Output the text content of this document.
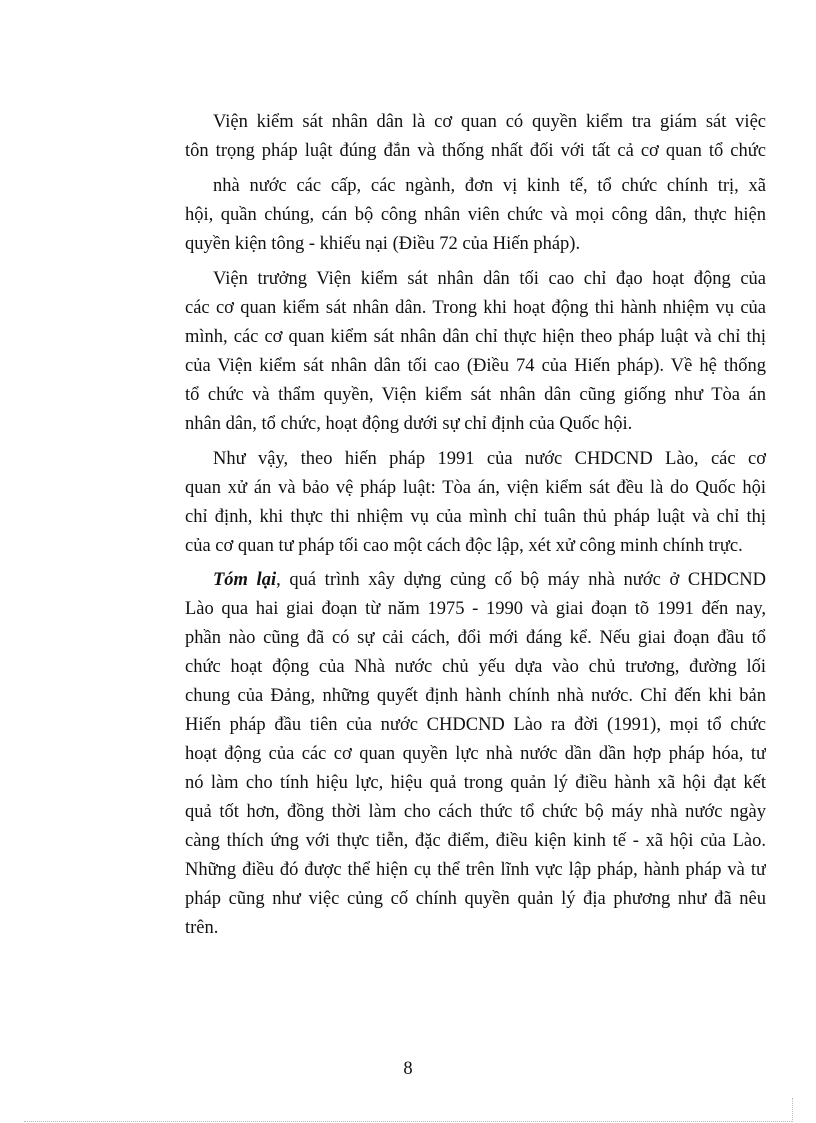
Viện kiểm sát nhân dân là cơ quan có quyền kiểm tra giám sát việc
tôn trọng pháp luật đúng đắn và thống nhất đối với tất cả cơ quan tổ chức
nhà nước các cấp, các ngành, đơn vị kinh tế, tổ chức chính trị, xã
hội, quần chúng, cán bộ công nhân viên chức và mọi công dân, thực hiện
quyền kiện tông - khiếu nại (Điều 72 của Hiến pháp).
Viện trưởng Viện kiểm sát nhân dân tối cao chỉ đạo hoạt động của
các cơ quan kiểm sát nhân dân. Trong khi hoạt động thi hành nhiệm vụ của
mình, các cơ quan kiểm sát nhân dân chỉ thực hiện theo pháp luật và chỉ thị
của Viện kiểm sát nhân dân tối cao (Điều 74 của Hiến pháp). Về hệ thống
tổ chức và thẩm quyền, Viện kiểm sát nhân dân cũng giống như Tòa án
nhân dân, tổ chức, hoạt động dưới sự chỉ định của Quốc hội.
Như vậy, theo hiến pháp 1991 của nước CHDCND Lào, các cơ
quan xử án và bảo vệ pháp luật: Tòa án, viện kiểm sát đều là do Quốc hội
chỉ định, khi thực thi nhiệm vụ của mình chỉ tuân thủ pháp luật và chỉ thị
của cơ quan tư pháp tối cao một cách độc lập, xét xử công minh chính trực.
Tóm lại, quá trình xây dựng củng cố bộ máy nhà nước ở CHDCND
Lào qua hai giai đoạn từ năm 1975 - 1990 và giai đoạn tõ 1991 đến nay,
phần nào cũng đã có sự cải cách, đổi mới đáng kể. Nếu giai đoạn đầu tổ
chức hoạt động của Nhà nước chủ yếu dựa vào chủ trương, đường lối
chung của Đảng, những quyết định hành chính nhà nước. Chỉ đến khi bản
Hiến pháp đầu tiên của nước CHDCND Lào ra đời (1991), mọi tổ chức
hoạt động của các cơ quan quyền lực nhà nước dần dần hợp pháp hóa, tư
nó làm cho tính hiệu lực, hiệu quả trong quản lý điều hành xã hội đạt kết
quả tốt hơn, đồng thời làm cho cách thức tổ chức bộ máy nhà nước ngày
càng thích ứng với thực tiễn, đặc điểm, điều kiện kinh tế - xã hội của Lào.
Những điều đó được thể hiện cụ thể trên lĩnh vực lập pháp, hành pháp và tư
pháp cũng như việc củng cố chính quyền quản lý địa phương như đã nêu
trên.
8
